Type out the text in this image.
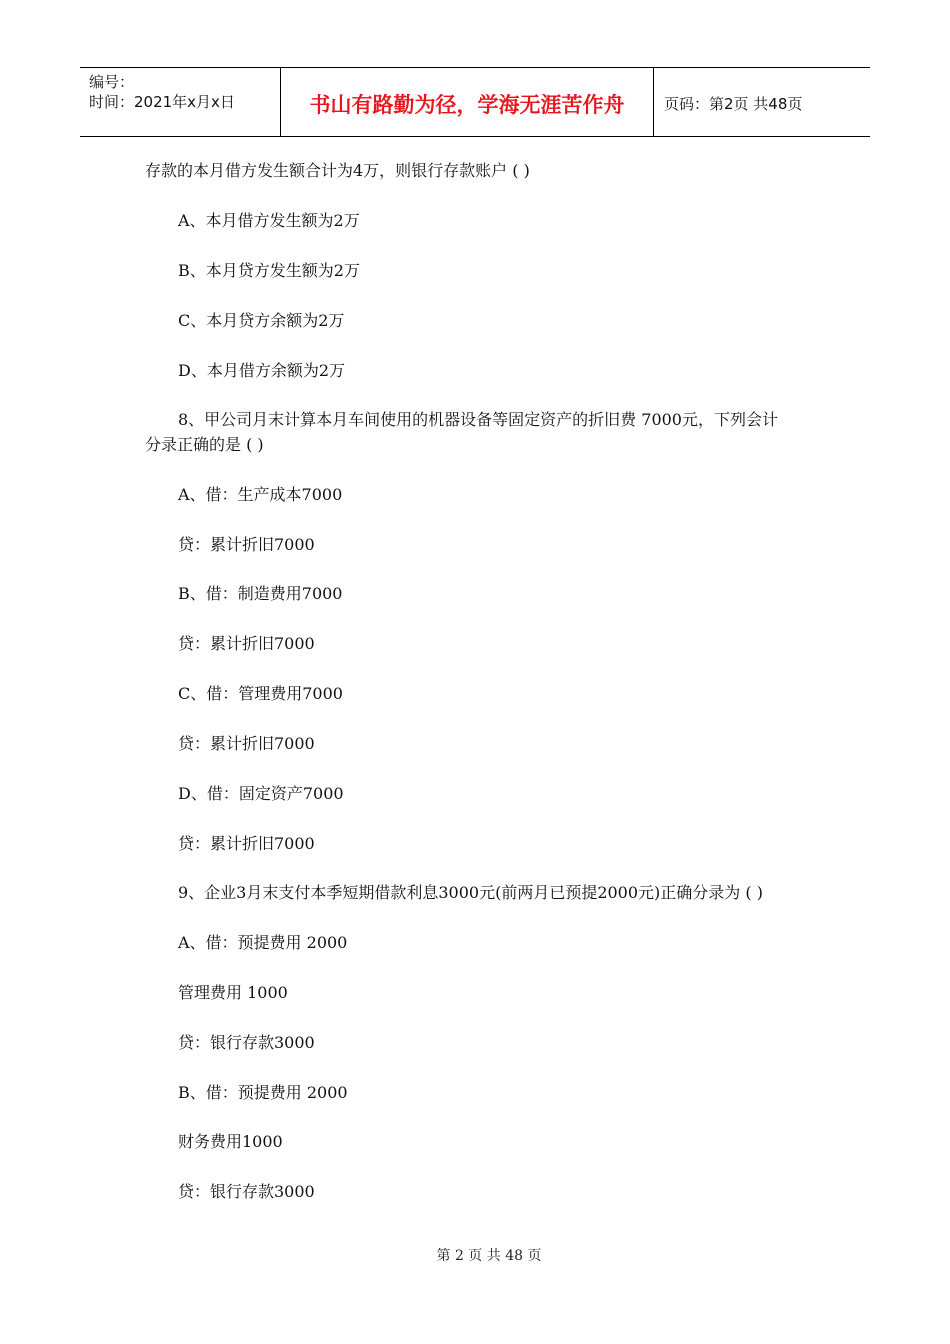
编号：
时间：2021年x月x日	书山有路勤为径，学海无涯苦作舟	页码：第2页 共48页
存款的本月借方发生额合计为4万，则银行存款账户 ( )
A、本月借方发生额为2万
B、本月贷方发生额为2万
C、本月贷方余额为2万
D、本月借方余额为2万
8、甲公司月末计算本月车间使用的机器设备等固定资产的折旧费 7000元，下列会计
分录正确的是 ( )
A、借：生产成本7000
贷：累计折旧7000
B、借：制造费用7000
贷：累计折旧7000
C、借：管理费用7000
贷：累计折旧7000
D、借：固定资产7000
贷：累计折旧7000
9、企业3月末支付本季短期借款利息3000元(前两月已预提2000元)正确分录为 ( )
A、借：预提费用 2000
管理费用 1000
贷：银行存款3000
B、借：预提费用 2000
财务费用1000
贷：银行存款3000
第 2 页 共 48 页
